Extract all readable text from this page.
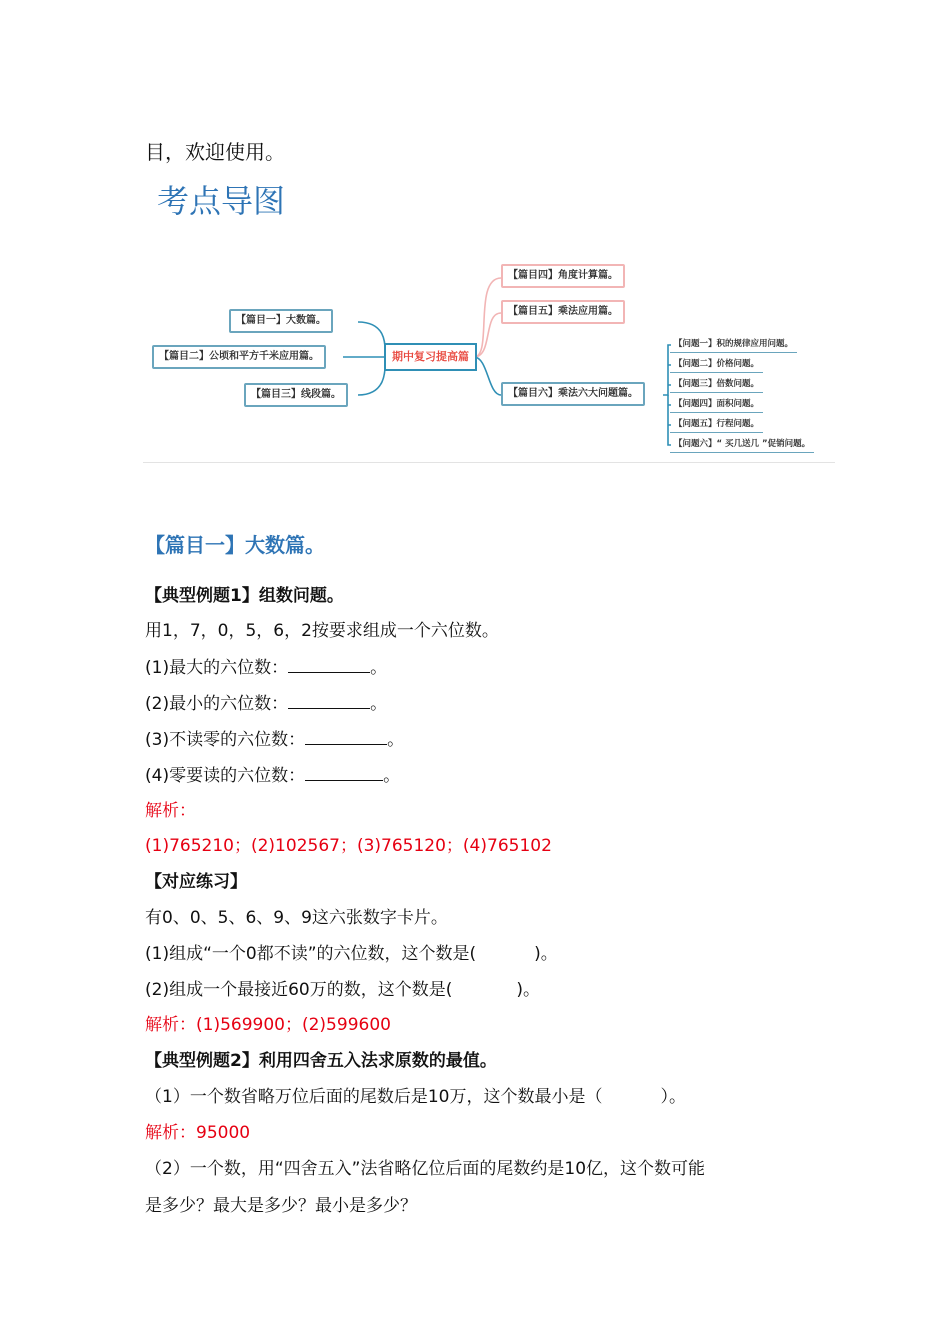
目，欢迎使用。
考点导图
【篇目一】大数篇。
【篇目二】公顷和平方千米应用篇。
【篇目三】线段篇。
期中复习提高篇
【篇目四】角度计算篇。
【篇目五】乘法应用篇。
【篇目六】乘法六大问题篇。
【问题一】积的规律应用问题。
【问题二】价格问题。
【问题三】倍数问题。
【问题四】面积问题。
【问题五】行程问题。
【问题六】“ 买几送几 ”促销问题。
【篇目一】大数篇。
【典型例题1】组数问题。
用1，7，0，5，6，2按要求组成一个六位数。
(1)最大的六位数：	。
(2)最小的六位数：	。
(3)不读零的六位数：	。
(4)零要读的六位数：	。
解析：
(1)765210；(2)102567；(3)765120；(4)765102
【对应练习】
有0、0、5、6、9、9这六张数字卡片。
(1)组成“一个0都不读”的六位数，这个数是(	)。
(2)组成一个最接近60万的数，这个数是(	)。
解析：(1)569900；(2)599600
【典型例题2】利用四舍五入法求原数的最值。
（1）一个数省略万位后面的尾数后是10万，这个数最小是（	）。
解析：95000
（2）一个数，用“四舍五入”法省略亿位后面的尾数约是10亿，这个数可能
是多少？最大是多少？最小是多少？
